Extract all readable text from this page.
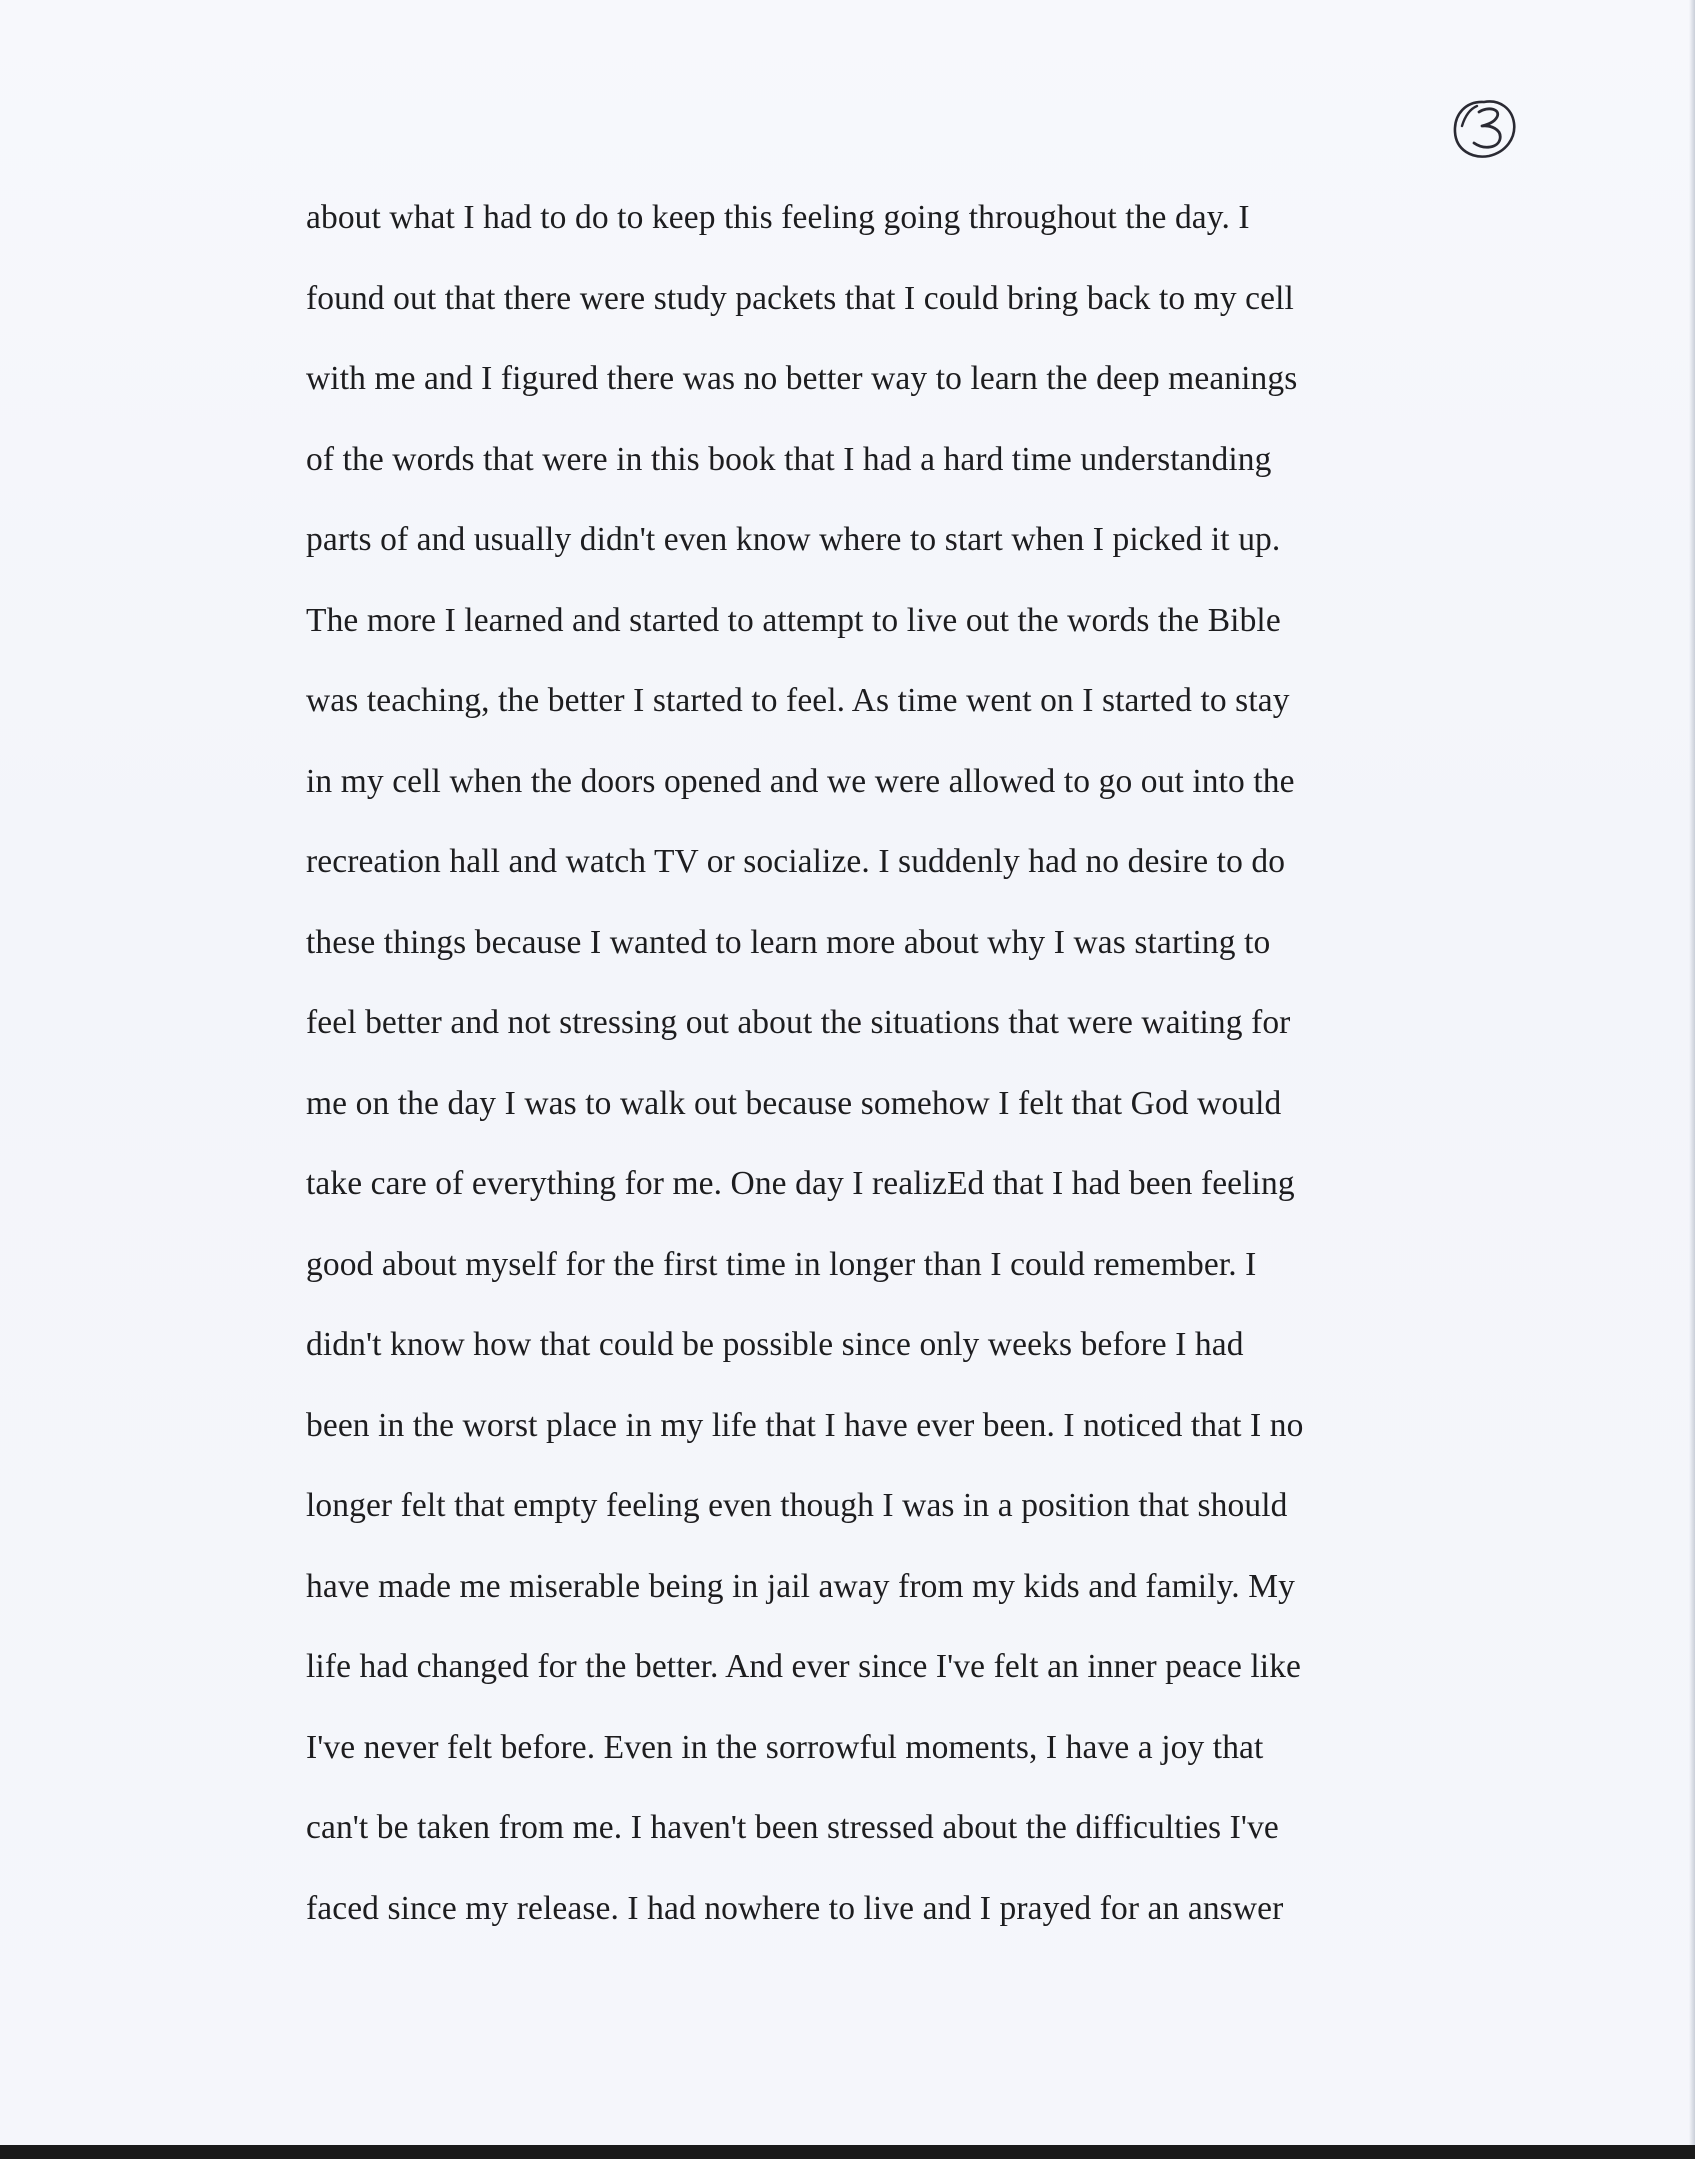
about what I had to do to keep this feeling going throughout the day. I
found out that there were study packets that I could bring back to my cell
with me and I figured there was no better way to learn the deep meanings
of the words that were in this book that I had a hard time understanding
parts of and usually didn't even know where to start when I picked it up.
The more I learned and started to attempt to live out the words the Bible
was teaching, the better I started to feel. As time went on I started to stay
in my cell when the doors opened and we were allowed to go out into the
recreation hall and watch TV or socialize. I suddenly had no desire to do
these things because I wanted to learn more about why I was starting to
feel better and not stressing out about the situations that were waiting for
me on the day I was to walk out because somehow I felt that God would
take care of everything for me. One day I realizEd that I had been feeling
good about myself for the first time in longer than I could remember. I
didn't know how that could be possible since only weeks before I had
been in the worst place in my life that I have ever been. I noticed that I no
longer felt that empty feeling even though I was in a position that should
have made me miserable being in jail away from my kids and family. My
life had changed for the better. And ever since I've felt an inner peace like
I've never felt before. Even in the sorrowful moments, I have a joy that
can't be taken from me. I haven't been stressed about the difficulties I've
faced since my release. I had nowhere to live and I prayed for an answer
